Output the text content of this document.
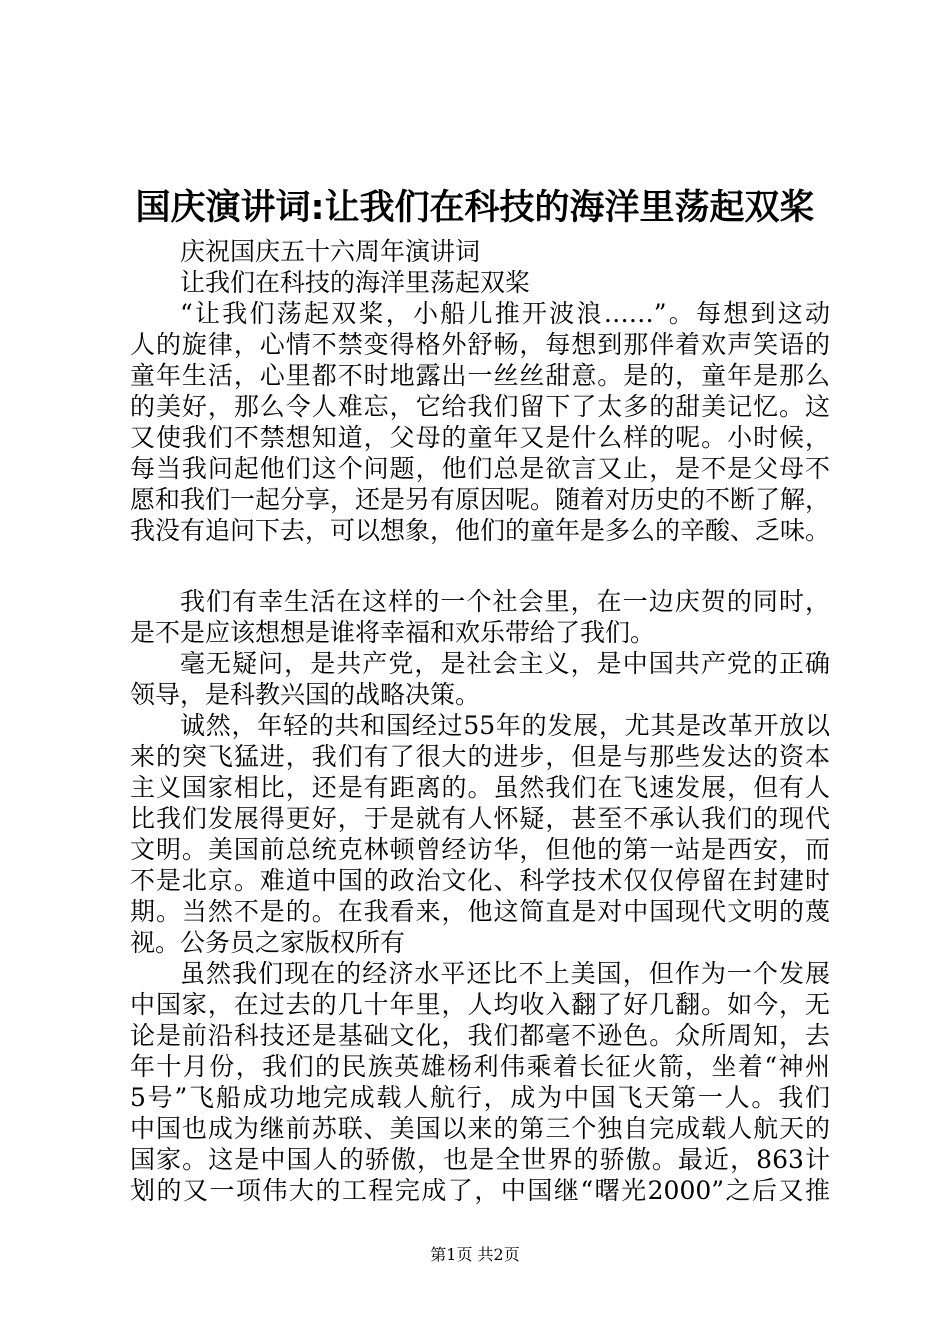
国庆演讲词:让我们在科技的海洋里荡起双桨
庆祝国庆五十六周年演讲词
让我们在科技的海洋里荡起双桨
“让我们荡起双桨，小船儿推开波浪……”。每想到这动
人的旋律，心情不禁变得格外舒畅，每想到那伴着欢声笑语的
童年生活，心里都不时地露出一丝丝甜意。是的，童年是那么
的美好，那么令人难忘，它给我们留下了太多的甜美记忆。这
又使我们不禁想知道，父母的童年又是什么样的呢。小时候，
每当我问起他们这个问题，他们总是欲言又止，是不是父母不
愿和我们一起分享，还是另有原因呢。随着对历史的不断了解，
我没有追问下去，可以想象，他们的童年是多么的辛酸、乏味。
我们有幸生活在这样的一个社会里，在一边庆贺的同时，
是不是应该想想是谁将幸福和欢乐带给了我们。
毫无疑问，是共产党，是社会主义，是中国共产党的正确
领导，是科教兴国的战略决策。
诚然，年轻的共和国经过55年的发展，尤其是改革开放以
来的突飞猛进，我们有了很大的进步，但是与那些发达的资本
主义国家相比，还是有距离的。虽然我们在飞速发展，但有人
比我们发展得更好，于是就有人怀疑，甚至不承认我们的现代
文明。美国前总统克林顿曾经访华，但他的第一站是西安，而
不是北京。难道中国的政治文化、科学技术仅仅停留在封建时
期。当然不是的。在我看来，他这简直是对中国现代文明的蔑
视。公务员之家版权所有
虽然我们现在的经济水平还比不上美国，但作为一个发展
中国家，在过去的几十年里，人均收入翻了好几翻。如今，无
论是前沿科技还是基础文化，我们都毫不逊色。众所周知，去
年十月份，我们的民族英雄杨利伟乘着长征火箭，坐着“神州
5号”飞船成功地完成载人航行，成为中国飞天第一人。我们
中国也成为继前苏联、美国以来的第三个独自完成载人航天的
国家。这是中国人的骄傲，也是全世界的骄傲。最近，863计
划的又一项伟大的工程完成了，中国继“曙光2000”之后又推
第1页 共2页
